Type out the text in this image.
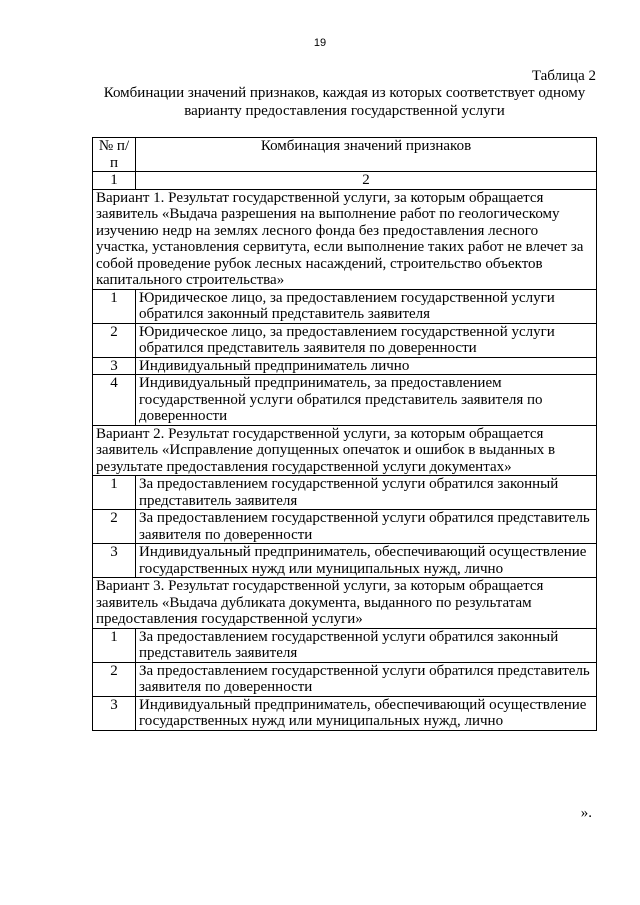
19
Таблица 2
Комбинации значений признаков, каждая из которых соответствует одному варианту предоставления государственной услуги
№ п/п	Комбинация значений признаков
1	2
Вариант 1. Результат государственной услуги, за которым обращается заявитель «Выдача разрешения на выполнение работ по геологическому изучению недр на землях лесного фонда без предоставления лесного участка, установления сервитута, если выполнение таких работ не влечет за собой проведение рубок лесных насаждений, строительство объектов капитального строительства»	
1	Юридическое лицо, за предоставлением государственной услуги обратился законный представитель заявителя
2	Юридическое лицо, за предоставлением государственной услуги обратился представитель заявителя по доверенности
3	Индивидуальный предприниматель лично
4	Индивидуальный предприниматель, за предоставлением государственной услуги обратился представитель заявителя по доверенности
Вариант 2. Результат государственной услуги, за которым обращается заявитель «Исправление допущенных опечаток и ошибок в выданных в результате предоставления государственной услуги документах»	
1	За предоставлением государственной услуги обратился законный представитель заявителя
2	За предоставлением государственной услуги обратился представитель заявителя по доверенности
3	Индивидуальный предприниматель, обеспечивающий осуществление государственных нужд или муниципальных нужд, лично
Вариант 3. Результат государственной услуги, за которым обращается заявитель «Выдача дубликата документа, выданного по результатам предоставления государственной услуги»	
1	За предоставлением государственной услуги обратился законный представитель заявителя
2	За предоставлением государственной услуги обратился представитель заявителя по доверенности
3	Индивидуальный предприниматель, обеспечивающий осуществление государственных нужд или муниципальных нужд, лично
».
